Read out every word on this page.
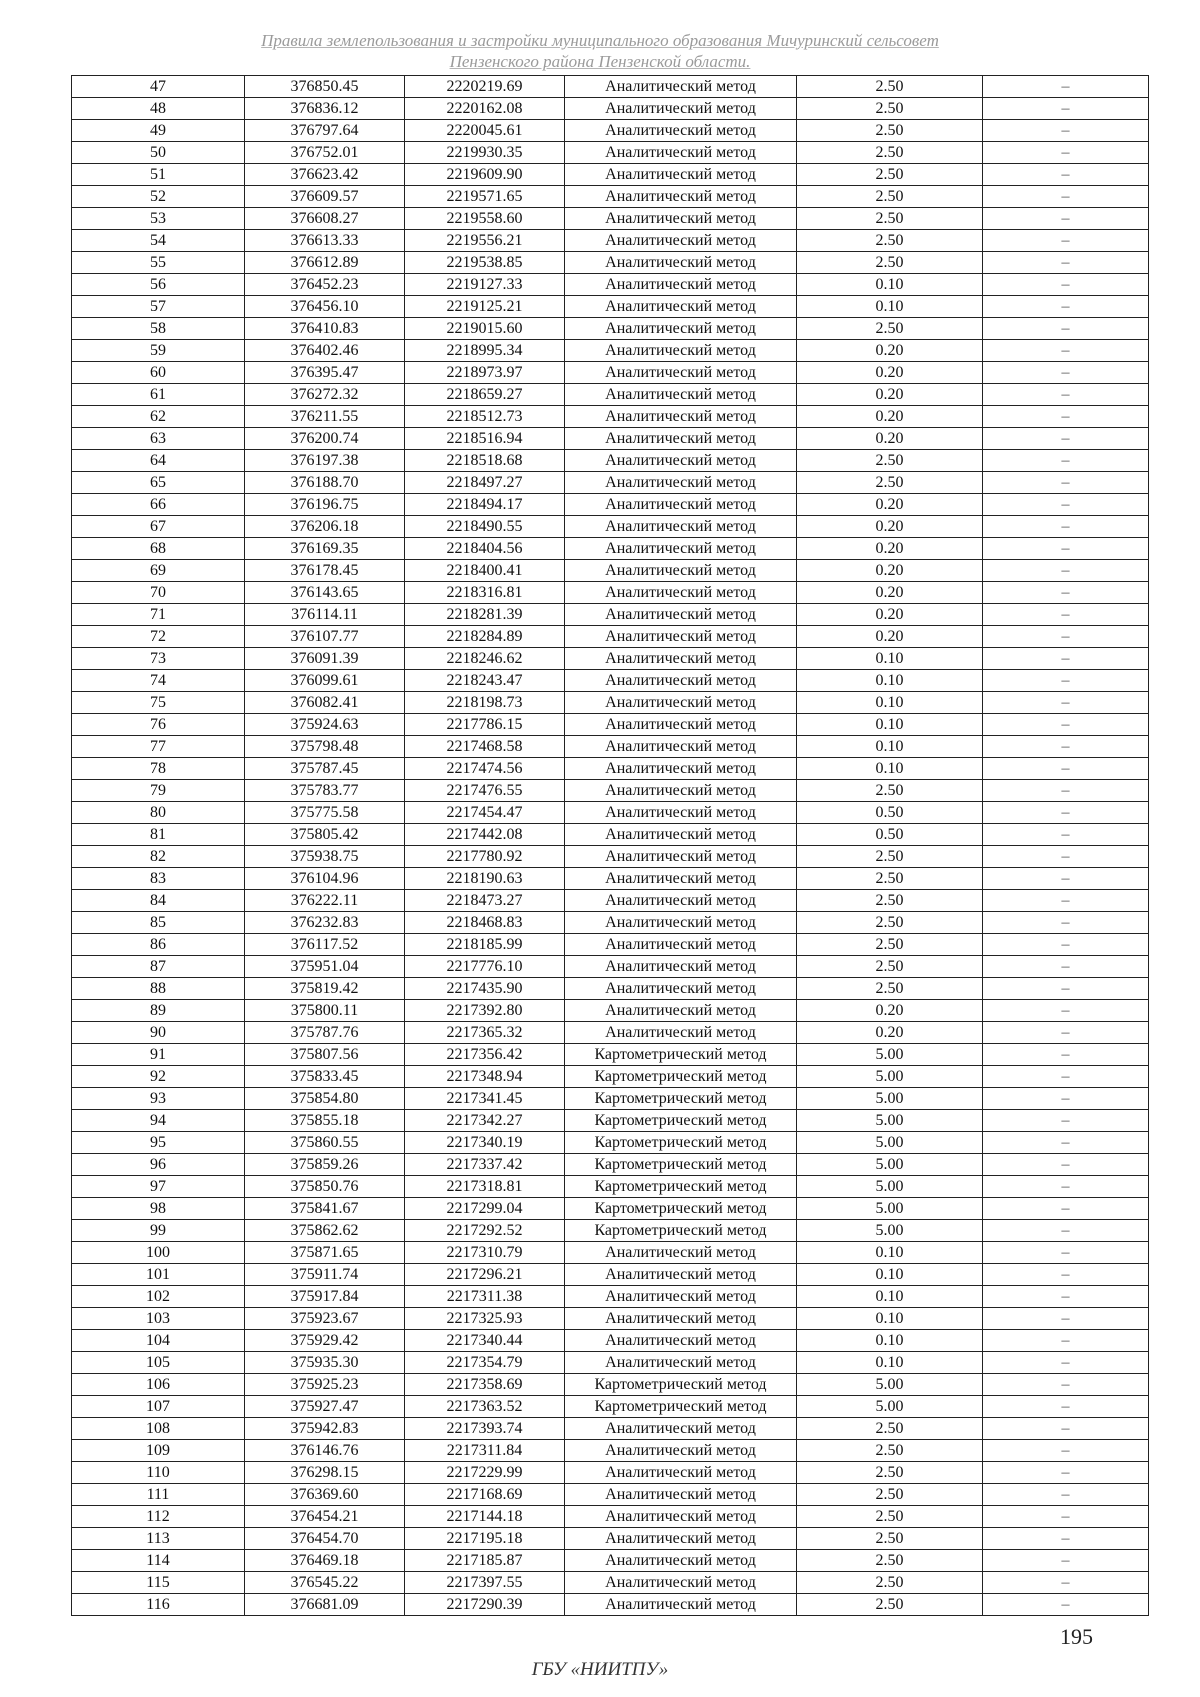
Правила землепользования и застройки муниципального образования Мичуринский сельсовет
Пензенского района Пензенской области.
47	376850.45	2220219.69	Аналитический метод	2.50	–
48	376836.12	2220162.08	Аналитический метод	2.50	–
49	376797.64	2220045.61	Аналитический метод	2.50	–
50	376752.01	2219930.35	Аналитический метод	2.50	–
51	376623.42	2219609.90	Аналитический метод	2.50	–
52	376609.57	2219571.65	Аналитический метод	2.50	–
53	376608.27	2219558.60	Аналитический метод	2.50	–
54	376613.33	2219556.21	Аналитический метод	2.50	–
55	376612.89	2219538.85	Аналитический метод	2.50	–
56	376452.23	2219127.33	Аналитический метод	0.10	–
57	376456.10	2219125.21	Аналитический метод	0.10	–
58	376410.83	2219015.60	Аналитический метод	2.50	–
59	376402.46	2218995.34	Аналитический метод	0.20	–
60	376395.47	2218973.97	Аналитический метод	0.20	–
61	376272.32	2218659.27	Аналитический метод	0.20	–
62	376211.55	2218512.73	Аналитический метод	0.20	–
63	376200.74	2218516.94	Аналитический метод	0.20	–
64	376197.38	2218518.68	Аналитический метод	2.50	–
65	376188.70	2218497.27	Аналитический метод	2.50	–
66	376196.75	2218494.17	Аналитический метод	0.20	–
67	376206.18	2218490.55	Аналитический метод	0.20	–
68	376169.35	2218404.56	Аналитический метод	0.20	–
69	376178.45	2218400.41	Аналитический метод	0.20	–
70	376143.65	2218316.81	Аналитический метод	0.20	–
71	376114.11	2218281.39	Аналитический метод	0.20	–
72	376107.77	2218284.89	Аналитический метод	0.20	–
73	376091.39	2218246.62	Аналитический метод	0.10	–
74	376099.61	2218243.47	Аналитический метод	0.10	–
75	376082.41	2218198.73	Аналитический метод	0.10	–
76	375924.63	2217786.15	Аналитический метод	0.10	–
77	375798.48	2217468.58	Аналитический метод	0.10	–
78	375787.45	2217474.56	Аналитический метод	0.10	–
79	375783.77	2217476.55	Аналитический метод	2.50	–
80	375775.58	2217454.47	Аналитический метод	0.50	–
81	375805.42	2217442.08	Аналитический метод	0.50	–
82	375938.75	2217780.92	Аналитический метод	2.50	–
83	376104.96	2218190.63	Аналитический метод	2.50	–
84	376222.11	2218473.27	Аналитический метод	2.50	–
85	376232.83	2218468.83	Аналитический метод	2.50	–
86	376117.52	2218185.99	Аналитический метод	2.50	–
87	375951.04	2217776.10	Аналитический метод	2.50	–
88	375819.42	2217435.90	Аналитический метод	2.50	–
89	375800.11	2217392.80	Аналитический метод	0.20	–
90	375787.76	2217365.32	Аналитический метод	0.20	–
91	375807.56	2217356.42	Картометрический метод	5.00	–
92	375833.45	2217348.94	Картометрический метод	5.00	–
93	375854.80	2217341.45	Картометрический метод	5.00	–
94	375855.18	2217342.27	Картометрический метод	5.00	–
95	375860.55	2217340.19	Картометрический метод	5.00	–
96	375859.26	2217337.42	Картометрический метод	5.00	–
97	375850.76	2217318.81	Картометрический метод	5.00	–
98	375841.67	2217299.04	Картометрический метод	5.00	–
99	375862.62	2217292.52	Картометрический метод	5.00	–
100	375871.65	2217310.79	Аналитический метод	0.10	–
101	375911.74	2217296.21	Аналитический метод	0.10	–
102	375917.84	2217311.38	Аналитический метод	0.10	–
103	375923.67	2217325.93	Аналитический метод	0.10	–
104	375929.42	2217340.44	Аналитический метод	0.10	–
105	375935.30	2217354.79	Аналитический метод	0.10	–
106	375925.23	2217358.69	Картометрический метод	5.00	–
107	375927.47	2217363.52	Картометрический метод	5.00	–
108	375942.83	2217393.74	Аналитический метод	2.50	–
109	376146.76	2217311.84	Аналитический метод	2.50	–
110	376298.15	2217229.99	Аналитический метод	2.50	–
111	376369.60	2217168.69	Аналитический метод	2.50	–
112	376454.21	2217144.18	Аналитический метод	2.50	–
113	376454.70	2217195.18	Аналитический метод	2.50	–
114	376469.18	2217185.87	Аналитический метод	2.50	–
115	376545.22	2217397.55	Аналитический метод	2.50	–
116	376681.09	2217290.39	Аналитический метод	2.50	–
195
ГБУ «НИИТПУ»
